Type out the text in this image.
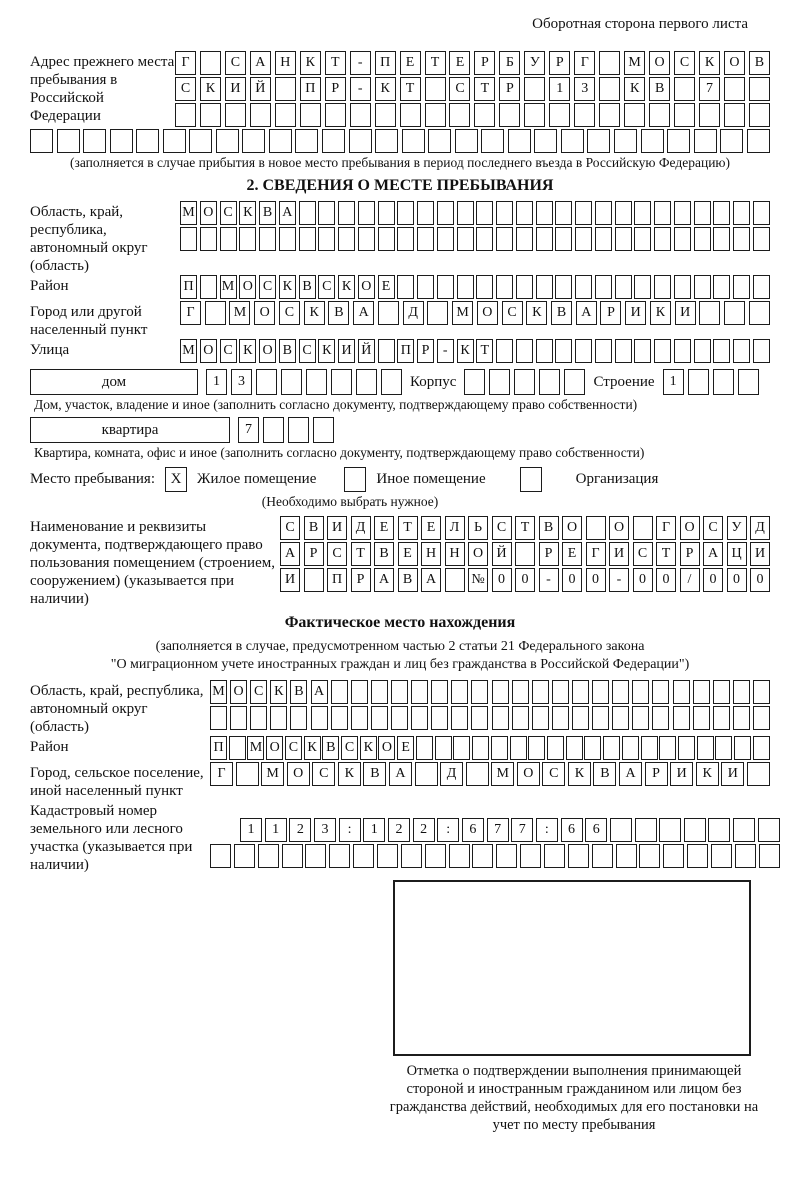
Оборотная сторона первого листа
Адрес прежнего места пребывания в Российской Федерации
Г	С	А	Н	К	Т	-	П	Е	Т	Е	Р	Б	У	Р	Г	М О	С	К	О	В
С	К	И	Й	П	Р	-	К	Т	С	Т	Р	1	3	К	В	7
(заполняется в случае прибытия в новое место пребывания в период последнего въезда в Российскую Федерацию)
2. СВЕДЕНИЯ О МЕСТЕ ПРЕБЫВАНИЯ
Область, край, республика, автономный округ (область)
М О С К В А
Район	П М О С К В С К О Е
Город или другой населенный пункт
Г	М О	С	К	В	А	Д	М О	С	К	В	А	Р	И	К	И
Улица	М О С К О В С К И Й П Р - К Т
дом	1	3	Корпус	Строение	1
Дом, участок, владение и иное (заполнить согласно документу, подтверждающему право собственности)
квартира	7
Квартира, комната, офис и иное (заполнить согласно документу, подтверждающему право собственности)
Место пребывания: X Жилое помещение	Иное помещение	Организация
(Необходимо выбрать нужное)
Наименование и реквизиты документа, подтверждающего право пользования помещением (строением, сооружением) (указывается при наличии)
С	В И Д	Е	Т	Е	Л	Ь	С	Т	В О	О	Г	О С У Д
А	Р	С	Т	В	Е	Н Н О Й	Р	Е	Г	И С	Т	Р	А Ц И
И	П	Р	А В А	№ 0	0	-	0	0	-	0	0	/	0	0	0
Фактическое место нахождения
(заполняется в случае, предусмотренном частью 2 статьи 21 Федерального закона
"О миграционном учете иностранных граждан и лиц без гражданства в Российской Федерации")
Область, край, республика, автономный округ (область)
М О С К В А
Район	П М О С К В С К О Е
Город, сельское поселение, иной населенный пункт
Г	М	О	С	К	В	А	Д	М	О	С	К	В	А	Р	И	К	И
Кадастровый номер земельного или лесного участка (указывается при наличии)
1	1	2	3	:	1	2	2	:	6	7	7	:	6	6
Отметка о подтверждении выполнения принимающей стороной и иностранным гражданином или лицом без гражданства действий, необходимых для его постановки на учет по месту пребывания
